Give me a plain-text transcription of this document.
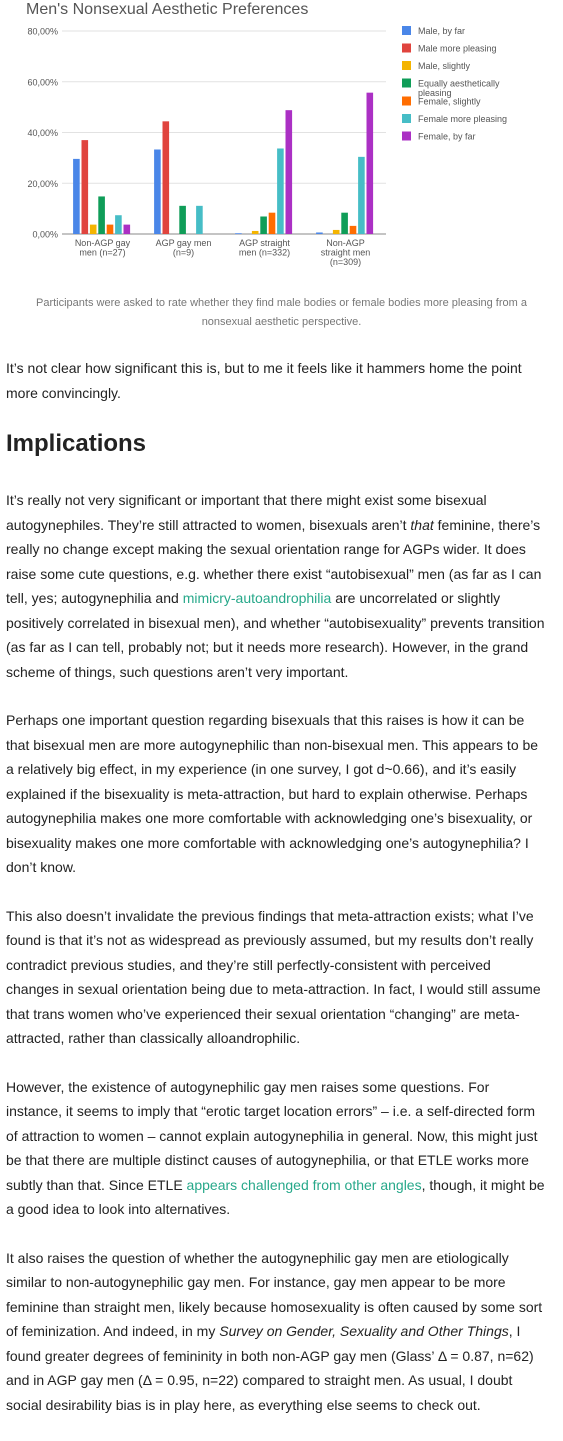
Men's Nonsexual Aesthetic Preferences
0,00%
20,00%
40,00%
60,00%
80,00%
Non-AGP gay
men (n=27)
AGP gay men
(n=9)
AGP straight
men (n=332)
Non-AGP
straight men
(n=309)
Male, by far
Male more pleasing
Male, slightly
Equally aesthetically pleasing
Female, slightly
Female more pleasing
Female, by far
Participants were asked to rate whether they find male bodies or female bodies more pleasing from a nonsexual aesthetic perspective.

It’s not clear how significant this is, but to me it feels like it hammers home the point more convincingly.

Implications

It’s really not very significant or important that there might exist some bisexual autogynephiles. They’re still attracted to women, bisexuals aren’t that feminine, there’s really no change except making the sexual orientation range for AGPs wider. It does raise some cute questions, e.g. whether there exist “autobisexual” men (as far as I can tell, yes; autogynephilia and mimicry-autoandrophilia are uncorrelated or slightly positively correlated in bisexual men), and whether “autobisexuality” prevents transition (as far as I can tell, probably not; but it needs more research). However, in the grand scheme of things, such questions aren’t very important.

Perhaps one important question regarding bisexuals that this raises is how it can be that bisexual men are more autogynephilic than non-bisexual men. This appears to be a relatively big effect, in my experience (in one survey, I got d~0.66), and it’s easily explained if the bisexuality is meta-attraction, but hard to explain otherwise. Perhaps autogynephilia makes one more comfortable with acknowledging one’s bisexuality, or bisexuality makes one more comfortable with acknowledging one’s autogynephilia? I don’t know.

This also doesn’t invalidate the previous findings that meta-attraction exists; what I’ve found is that it’s not as widespread as previously assumed, but my results don’t really contradict previous studies, and they’re still perfectly-consistent with perceived changes in sexual orientation being due to meta-attraction. In fact, I would still assume that trans women who’ve experienced their sexual orientation “changing” are meta-attracted, rather than classically alloandrophilic.

However, the existence of autogynephilic gay men raises some questions. For instance, it seems to imply that “erotic target location errors” – i.e. a self-directed form of attraction to women – cannot explain autogynephilia in general. Now, this might just be that there are multiple distinct causes of autogynephilia, or that ETLE works more subtly than that. Since ETLE appears challenged from other angles, though, it might be a good idea to look into alternatives.

It also raises the question of whether the autogynephilic gay men are etiologically similar to non-autogynephilic gay men. For instance, gay men appear to be more feminine than straight men, likely because homosexuality is often caused by some sort of feminization. And indeed, in my Survey on Gender, Sexuality and Other Things, I found greater degrees of femininity in both non-AGP gay men (Glass’ Δ = 0.87, n=62) and in AGP gay men (Δ = 0.95, n=22) compared to straight men. As usual, I doubt social desirability bias is in play here, as everything else seems to check out.
